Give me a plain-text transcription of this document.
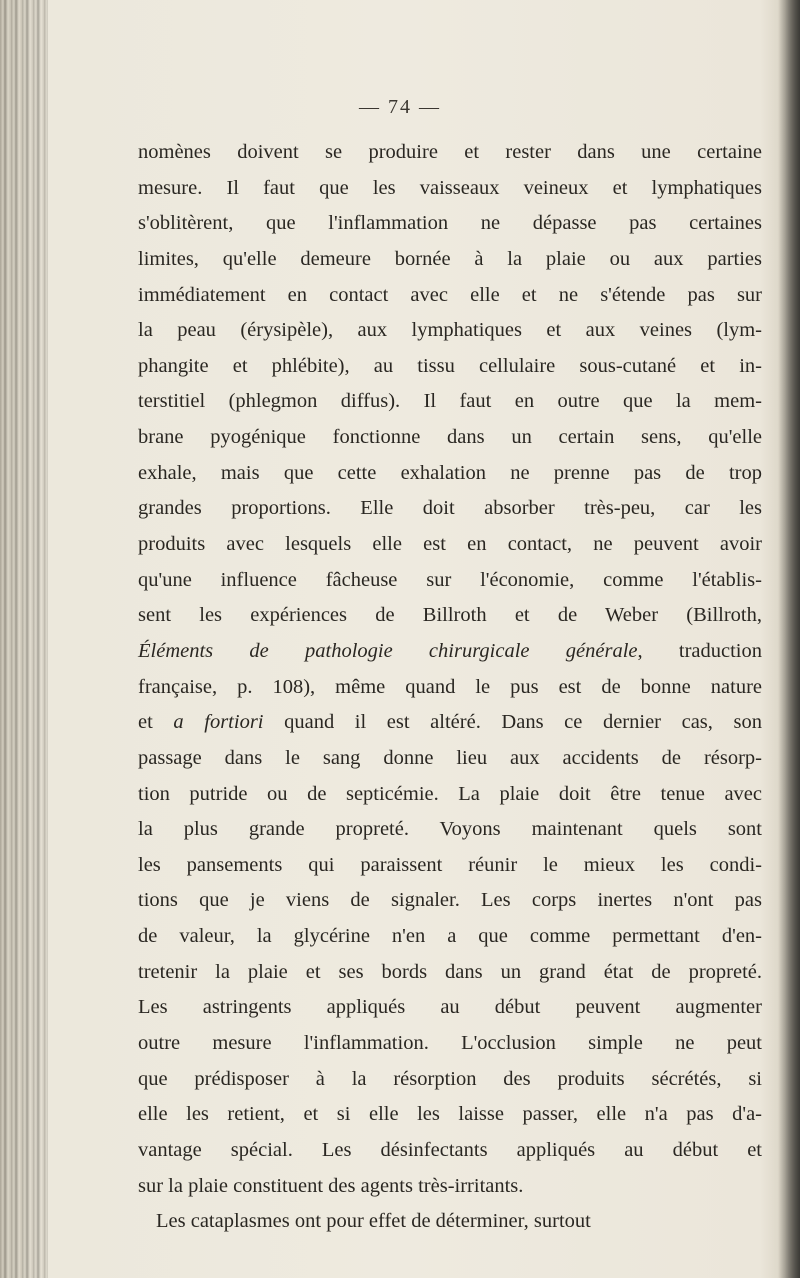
— 74 —
nomènes doivent se produire et rester dans une certaine
mesure. Il faut que les vaisseaux veineux et lymphatiques
s'oblitèrent, que l'inflammation ne dépasse pas certaines
limites, qu'elle demeure bornée à la plaie ou aux parties
immédiatement en contact avec elle et ne s'étende pas sur
la peau (érysipèle), aux lymphatiques et aux veines (lym-
phangite et phlébite), au tissu cellulaire sous-cutané et in-
terstitiel (phlegmon diffus). Il faut en outre que la mem-
brane pyogénique fonctionne dans un certain sens, qu'elle
exhale, mais que cette exhalation ne prenne pas de trop
grandes proportions. Elle doit absorber très-peu, car les
produits avec lesquels elle est en contact, ne peuvent avoir
qu'une influence fâcheuse sur l'économie, comme l'établis-
sent les expériences de Billroth et de Weber (Billroth,
Éléments de pathologie chirurgicale générale, traduction
française, p. 108), même quand le pus est de bonne nature
et a fortiori quand il est altéré. Dans ce dernier cas, son
passage dans le sang donne lieu aux accidents de résorp-
tion putride ou de septicémie. La plaie doit être tenue avec
la plus grande propreté. Voyons maintenant quels sont
les pansements qui paraissent réunir le mieux les condi-
tions que je viens de signaler. Les corps inertes n'ont pas
de valeur, la glycérine n'en a que comme permettant d'en-
tretenir la plaie et ses bords dans un grand état de propreté.
Les astringents appliqués au début peuvent augmenter
outre mesure l'inflammation. L'occlusion simple ne peut
que prédisposer à la résorption des produits sécrétés, si
elle les retient, et si elle les laisse passer, elle n'a pas d'a-
vantage spécial. Les désinfectants appliqués au début et
sur la plaie constituent des agents très-irritants.
Les cataplasmes ont pour effet de déterminer, surtout
